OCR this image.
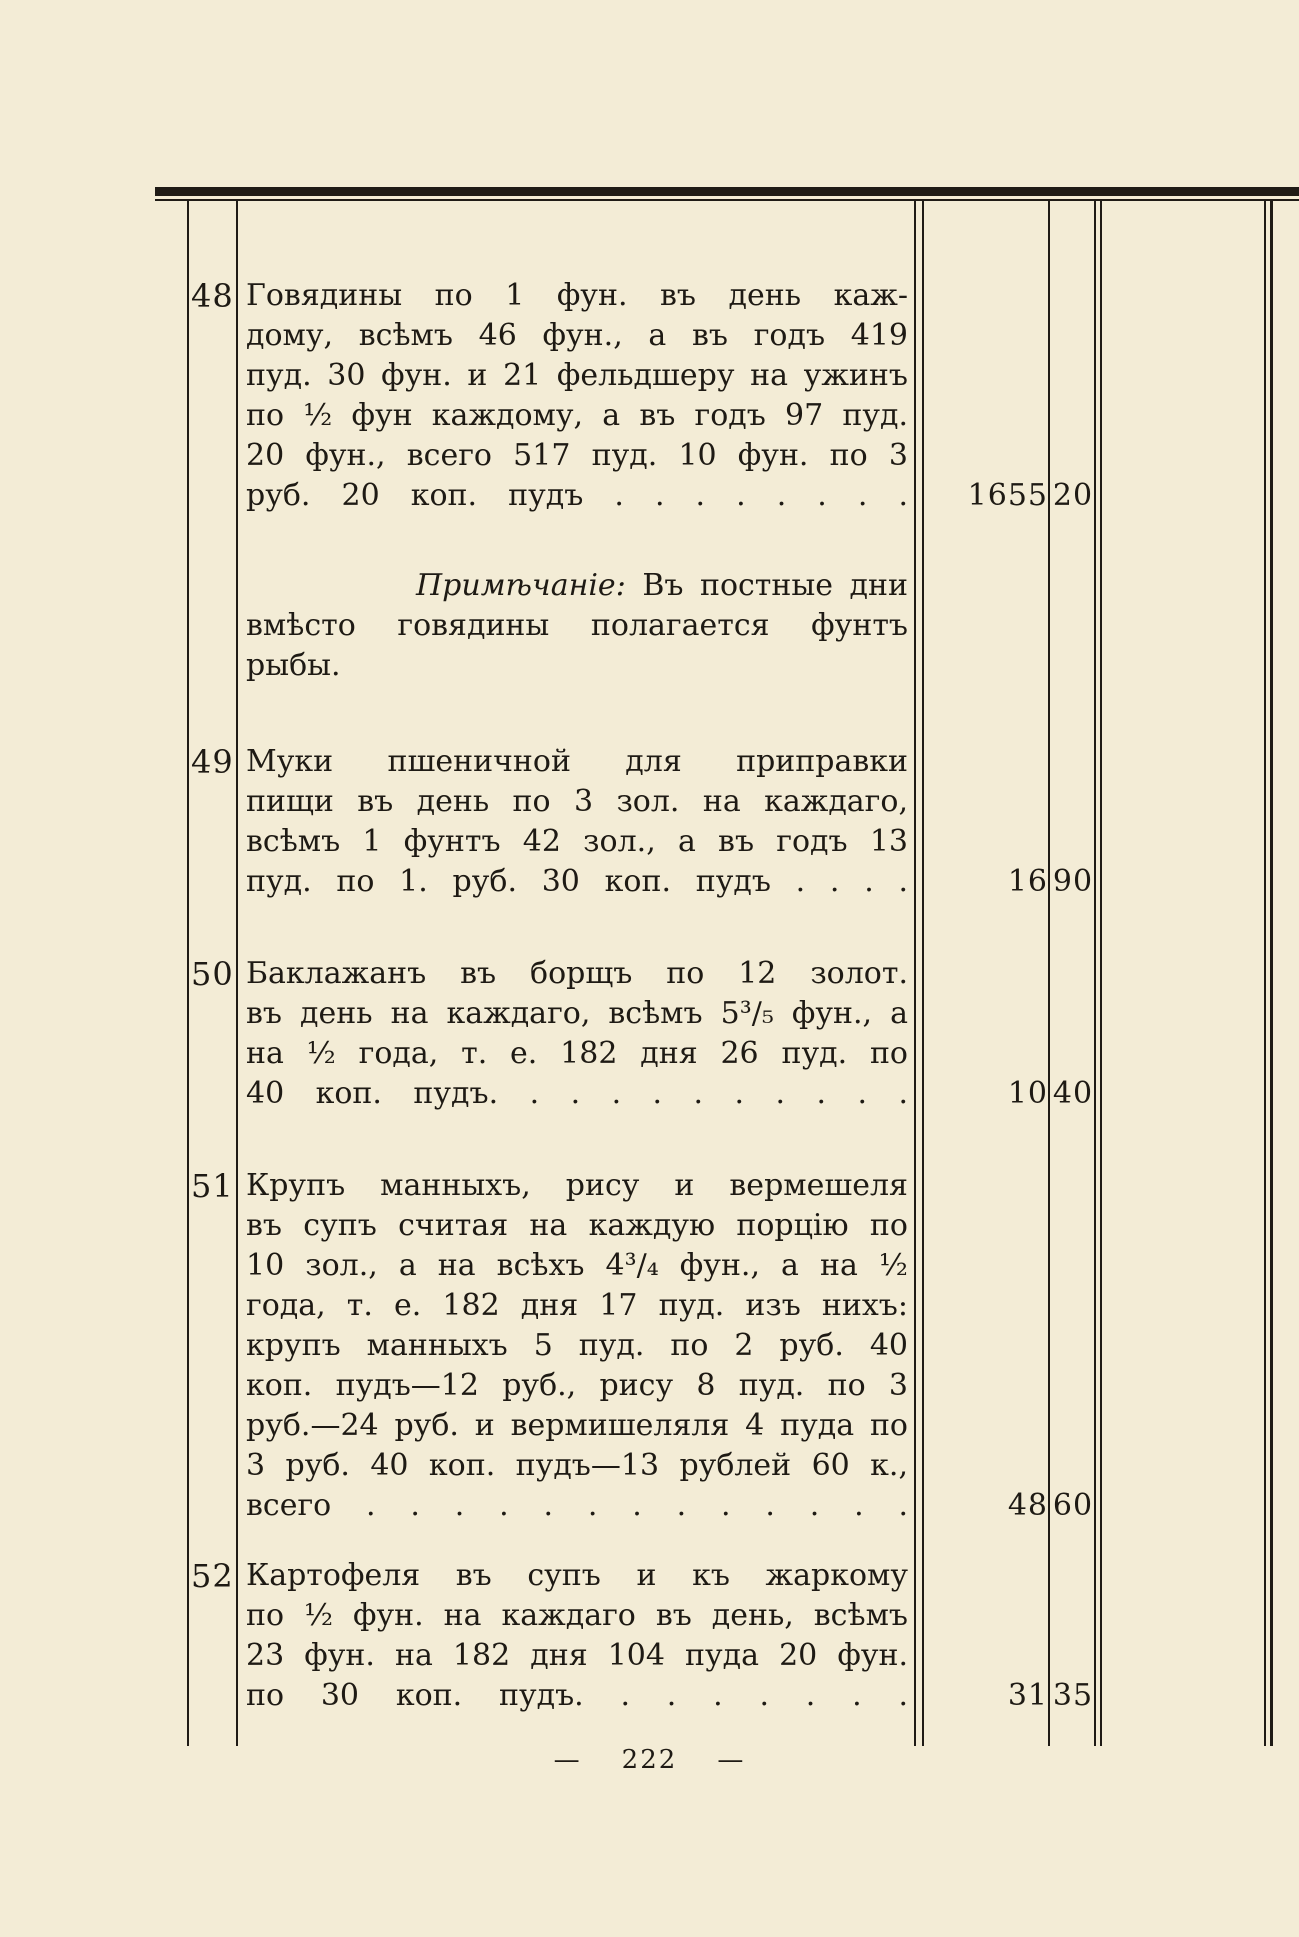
48 Говядины по 1 фун. въ день каж-
дому, всѣмъ 46 фун., а въ годъ 419
пуд. 30 фун. и 21 фельдшеру на ужинъ
по ½ фун каждому, а въ годъ 97 пуд.
20 фун., всего 517 пуд. 10 фун. по 3
руб. 20 коп. пудъ . . . . . . . .	1655 20
Примѣчаніе: Въ постные дни
вмѣсто говядины полагается фунтъ
рыбы.
49 Муки пшеничной для приправки
пищи въ день по 3 зол. на каждаго,
всѣмъ 1 фунтъ 42 зол., а въ годъ 13
пуд. по 1. руб. 30 коп. пудъ . . . .	16 90
50 Баклажанъ въ борщъ по 12 золот.
въ день на каждаго, всѣмъ 5³/₅ фун., а
на ½ года, т. е. 182 дня 26 пуд. по
40 коп. пудъ. . . . . . . . . . .	10 40
51 Крупъ манныхъ, рису и вермешеля
въ супъ считая на каждую порцію по
10 зол., а на всѣхъ 4³/₄ фун., а на ½
года, т. е. 182 дня 17 пуд. изъ нихъ:
крупъ манныхъ 5 пуд. по 2 руб. 40
коп. пудъ—12 руб., рису 8 пуд. по 3
руб.—24 руб. и вермишеляля 4 пуда по
3 руб. 40 коп. пудъ—13 рублей 60 к.,
всего . . . . . . . . . . . . .	48 60
52 Картофеля въ супъ и къ жаркому
по ½ фун. на каждаго въ день, всѣмъ
23 фун. на 182 дня 104 пуда 20 фун.
по 30 коп. пудъ. . . . . . . .	31 35
— 222 —
